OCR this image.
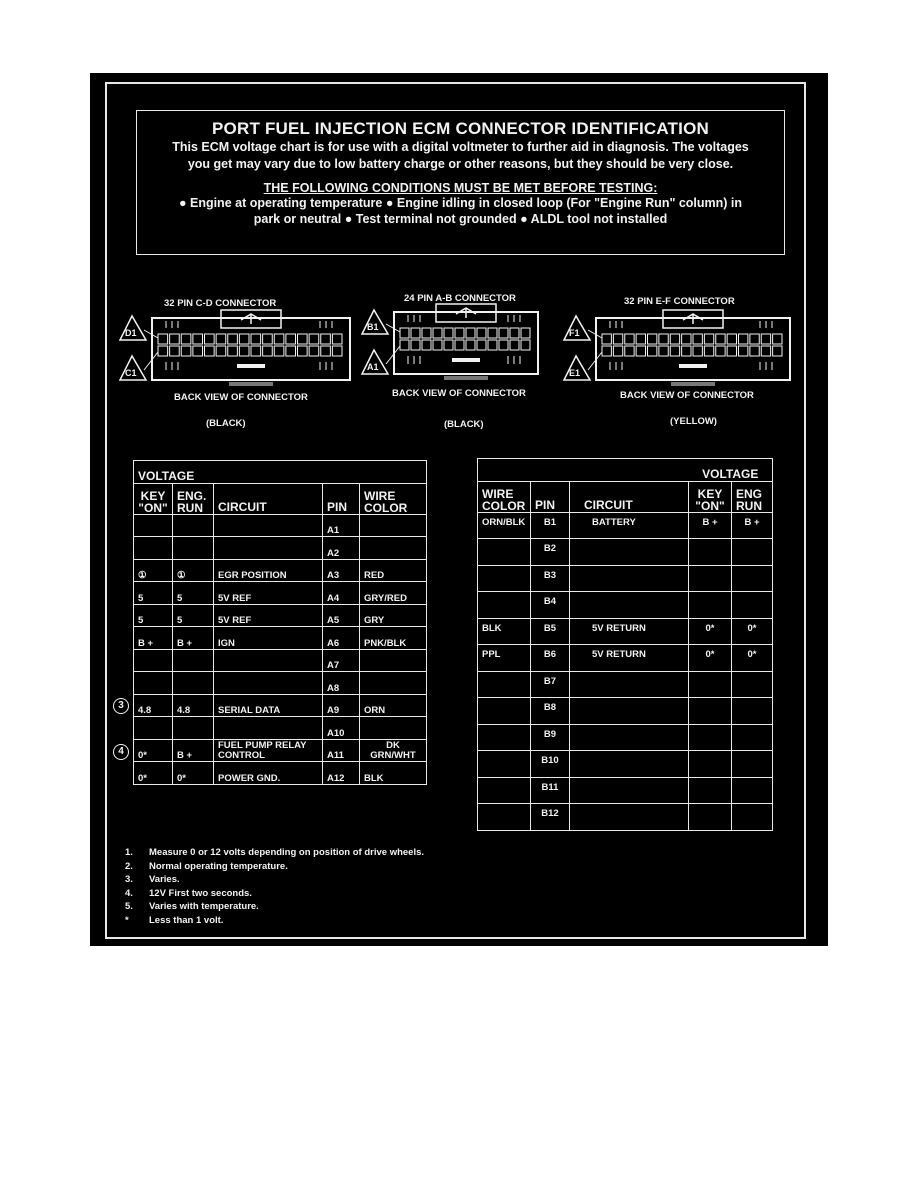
PORT FUEL INJECTION ECM CONNECTOR IDENTIFICATION
This ECM voltage chart is for use with a digital voltmeter to further aid in diagnosis. The voltages
you get may vary due to low battery charge or other reasons, but they should be very close.
THE FOLLOWING CONDITIONS MUST BE MET BEFORE TESTING:
● Engine at operating temperature ● Engine idling in closed loop (For "Engine Run" column) in
park or neutral ● Test terminal not grounded ● ALDL tool not installed
32 PIN C-D CONNECTOR
D1
C1
BACK VIEW OF CONNECTOR
(BLACK)
24 PIN A-B CONNECTOR
B1
A1
BACK VIEW OF CONNECTOR
(BLACK)
32 PIN E-F CONNECTOR
F1
E1
BACK VIEW OF CONNECTOR
(YELLOW)
VOLTAGE				
KEY "ON"	ENG. RUN	CIRCUIT	PIN	WIRE COLOR
			A1	
			A2	
①	①	EGR POSITION	A3	RED
5	5	5V REF	A4	GRY/RED
5	5	5V REF	A5	GRY
B +	B +	IGN	A6	PNK/BLK
			A7	
			A8	
4.8	4.8	SERIAL DATA	A9	ORN
			A10	
0*	B +	FUEL PUMP RELAY CONTROL	A11	DK GRN/WHT
0*	0*	POWER GND.	A12	BLK
3
4
			VOLTAGE	
WIRE COLOR	PIN	CIRCUIT	KEY "ON"	ENG RUN
ORN/BLK	B1	BATTERY	B +	B +
	B2			
	B3			
	B4			
BLK	B5	5V RETURN	0*	0*
PPL	B6	5V RETURN	0*	0*
	B7			
	B8			
	B9			
	B10			
	B11			
	B12			
1. Measure 0 or 12 volts depending on position of drive wheels.
2. Normal operating temperature.
3. Varies.
4. 12V First two seconds.
5. Varies with temperature.
* Less than 1 volt.
